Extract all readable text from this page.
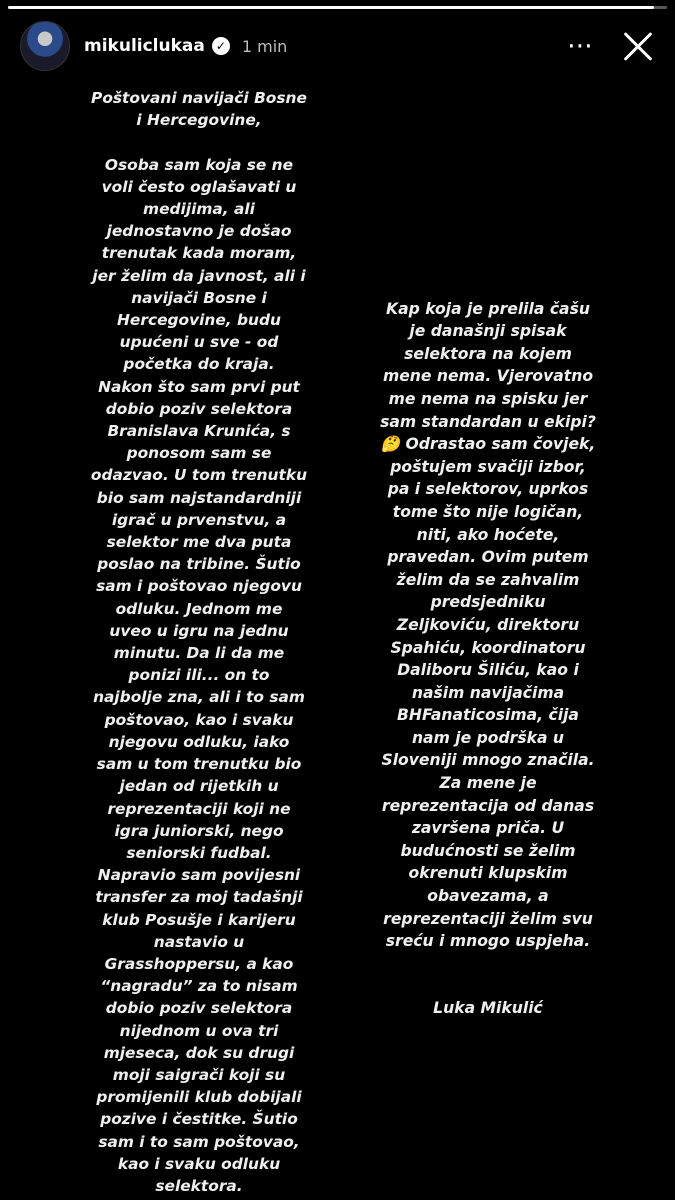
mikuliclukaa ✓ 1 min	⋯
Poštovani navijači Bosne
i Hercegovine,

Osoba sam koja se ne
voli često oglašavati u
medijima, ali
jednostavno je došao
trenutak kada moram,
jer želim da javnost, ali i
navijači Bosne i
Hercegovine, budu
upućeni u sve - od
početka do kraja.
Nakon što sam prvi put
dobio poziv selektora
Branislava Krunića, s
ponosom sam se
odazvao. U tom trenutku
bio sam najstandardniji
igrač u prvenstvu, a
selektor me dva puta
poslao na tribine. Šutio
sam i poštovao njegovu
odluku. Jednom me
uveo u igru na jednu
minutu. Da li da me
ponizi ili... on to
najbolje zna, ali i to sam
poštovao, kao i svaku
njegovu odluku, iako
sam u tom trenutku bio
jedan od rijetkih u
reprezentaciji koji ne
igra juniorski, nego
seniorski fudbal.
Napravio sam povijesni
transfer za moj tadašnji
klub Posušje i karijeru
nastavio u
Grasshoppersu, a kao
“nagradu” za to nisam
dobio poziv selektora
nijednom u ova tri
mjeseca, dok su drugi
moji saigrači koji su
promijenili klub dobijali
pozive i čestitke. Šutio
sam i to sam poštovao,
kao i svaku odluku
selektora.

Kap koja je prelila čašu
je današnji spisak
selektora na kojem
mene nema. Vjerovatno
me nema na spisku jer
sam standardan u ekipi?
🤔 Odrastao sam čovjek,
poštujem svačiji izbor,
pa i selektorov, uprkos
tome što nije logičan,
niti, ako hoćete,
pravedan. Ovim putem
želim da se zahvalim
predsjedniku
Zeljkoviću, direktoru
Spahiću, koordinatoru
Daliboru Šiliću, kao i
našim navijačima
BHFanaticosima, čija
nam je podrška u
Sloveniji mnogo značila.
Za mene je
reprezentacija od danas
završena priča. U
budućnosti se želim
okrenuti klupskim
obavezama, a
reprezentaciji želim svu
sreću i mnogo uspjeha.

Luka Mikulić
